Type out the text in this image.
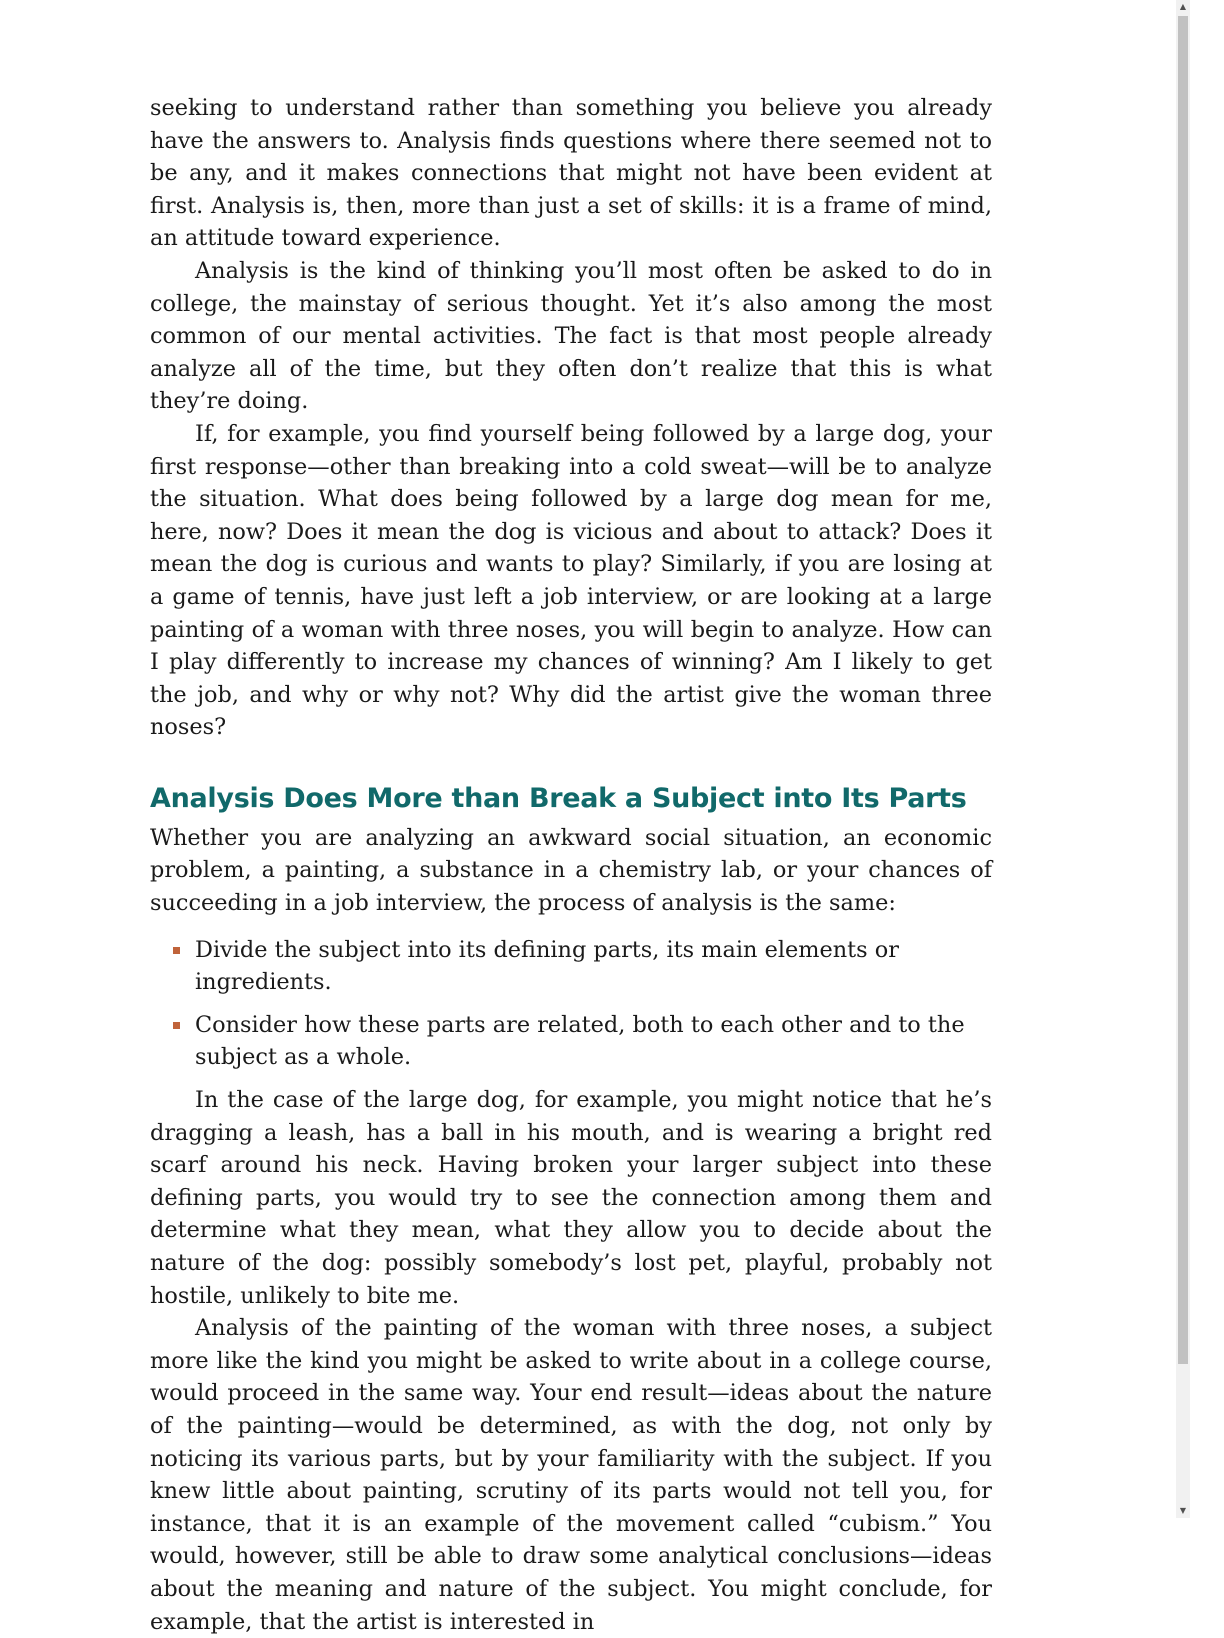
seeking to understand rather than something you believe you already have the answers to. Analysis finds questions where there seemed not to be any, and it makes connections that might not have been evident at first. Analysis is, then, more than just a set of skills: it is a frame of mind, an attitude toward experience.

Analysis is the kind of thinking you’ll most often be asked to do in college, the mainstay of serious thought. Yet it’s also among the most common of our mental activities. The fact is that most people already analyze all of the time, but they often don’t realize that this is what they’re doing.

If, for example, you find yourself being followed by a large dog, your first response—other than breaking into a cold sweat—will be to analyze the situation. What does being followed by a large dog mean for me, here, now? Does it mean the dog is vicious and about to attack? Does it mean the dog is curious and wants to play? Similarly, if you are losing at a game of tennis, have just left a job interview, or are looking at a large painting of a woman with three noses, you will begin to analyze. How can I play differently to increase my chances of winning? Am I likely to get the job, and why or why not? Why did the artist give the woman three noses?

Analysis Does More than Break a Subject into Its Parts

Whether you are analyzing an awkward social situation, an economic problem, a painting, a substance in a chemistry lab, or your chances of succeeding in a job interview, the process of analysis is the same:

Divide the subject into its defining parts, its main elements or ingredients.
Consider how these parts are related, both to each other and to the subject as a whole.

In the case of the large dog, for example, you might notice that he’s dragging a leash, has a ball in his mouth, and is wearing a bright red scarf around his neck. Having broken your larger subject into these defining parts, you would try to see the connection among them and determine what they mean, what they allow you to decide about the nature of the dog: possibly somebody’s lost pet, playful, probably not hostile, unlikely to bite me.

Analysis of the painting of the woman with three noses, a subject more like the kind you might be asked to write about in a college course, would proceed in the same way. Your end result—ideas about the nature of the painting—would be determined, as with the dog, not only by noticing its various parts, but by your familiarity with the subject. If you knew little about painting, scrutiny of its parts would not tell you, for instance, that it is an example of the movement called “cubism.” You would, however, still be able to draw some analytical conclusions—ideas about the meaning and nature of the subject. You might conclude, for example, that the artist is interested in

▲
▼
